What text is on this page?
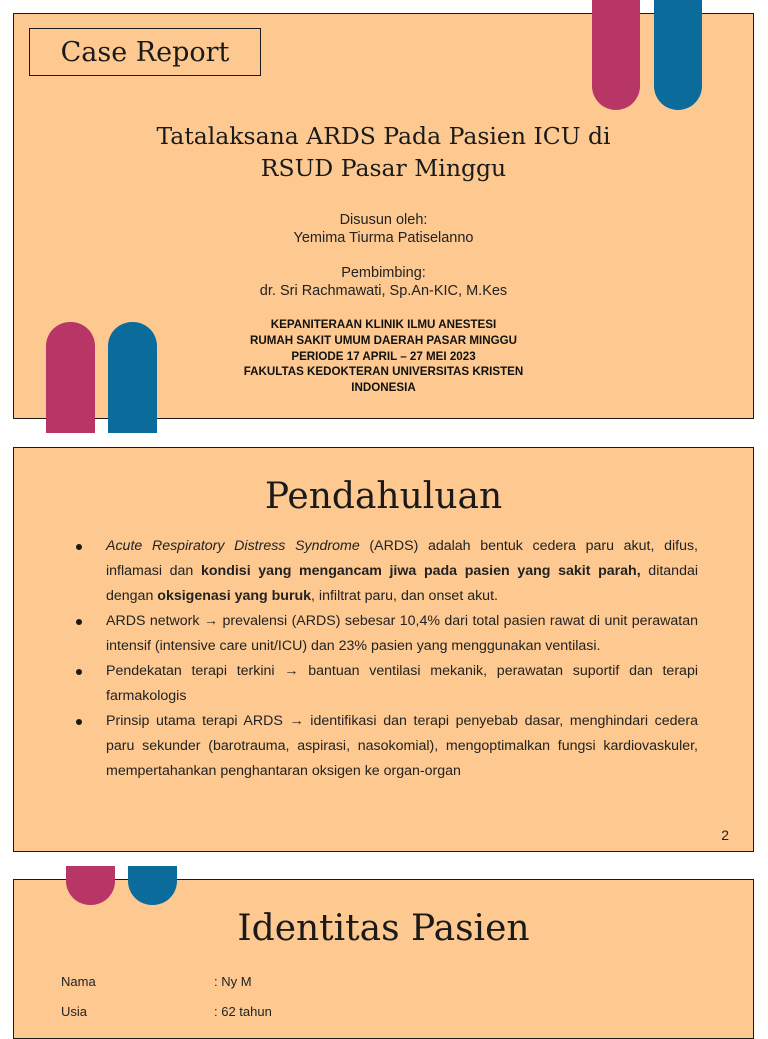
Case Report
Tatalaksana ARDS Pada Pasien ICU di
RSUD Pasar Minggu
Disusun oleh:
Yemima Tiurma Patiselanno
Pembimbing:
dr. Sri Rachmawati, Sp.An-KIC, M.Kes
KEPANITERAAN KLINIK ILMU ANESTESI
RUMAH SAKIT UMUM DAERAH PASAR MINGGU
PERIODE 17 APRIL – 27 MEI 2023
FAKULTAS KEDOKTERAN UNIVERSITAS KRISTEN
INDONESIA
Pendahuluan
Acute Respiratory Distress Syndrome (ARDS) adalah bentuk cedera paru akut, difus, inflamasi dan kondisi yang mengancam jiwa pada pasien yang sakit parah, ditandai dengan oksigenasi yang buruk, infiltrat paru, dan onset akut.
ARDS network → prevalensi (ARDS) sebesar 10,4% dari total pasien rawat di unit perawatan intensif (intensive care unit/ICU) dan 23% pasien yang menggunakan ventilasi.
Pendekatan terapi terkini → bantuan ventilasi mekanik, perawatan suportif dan terapi farmakologis
Prinsip utama terapi ARDS → identifikasi dan terapi penyebab dasar, menghindari cedera paru sekunder (barotrauma, aspirasi, nasokomial), mengoptimalkan fungsi kardiovaskuler, mempertahankan penghantaran oksigen ke organ-organ
2
Identitas Pasien
Nama	: Ny M
Usia	: 62 tahun
